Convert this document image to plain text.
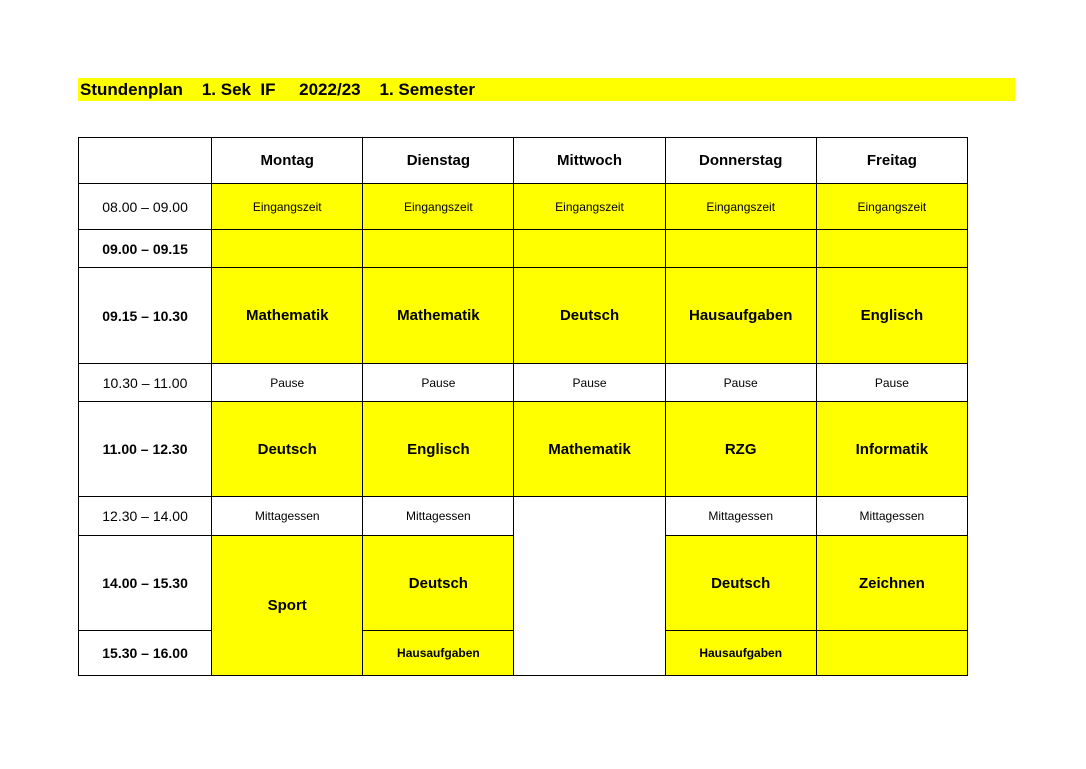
Stundenplan    1. Sek  IF     2022/23    1. Semester
	Montag	Dienstag	Mittwoch	Donnerstag	Freitag
08.00 – 09.00	Eingangszeit	Eingangszeit	Eingangszeit	Eingangszeit	Eingangszeit
09.00 – 09.15					
09.15 – 10.30	Mathematik	Mathematik	Deutsch	Hausaufgaben	Englisch
10.30 – 11.00	Pause	Pause	Pause	Pause	Pause
11.00 – 12.30	Deutsch	Englisch	Mathematik	RZG	Informatik
12.30 – 14.00	Mittagessen	Mittagessen		Mittagessen	Mittagessen
14.00 – 15.30	Sport	Deutsch		Deutsch	Zeichnen
15.30 – 16.00		Hausaufgaben		Hausaufgaben	
